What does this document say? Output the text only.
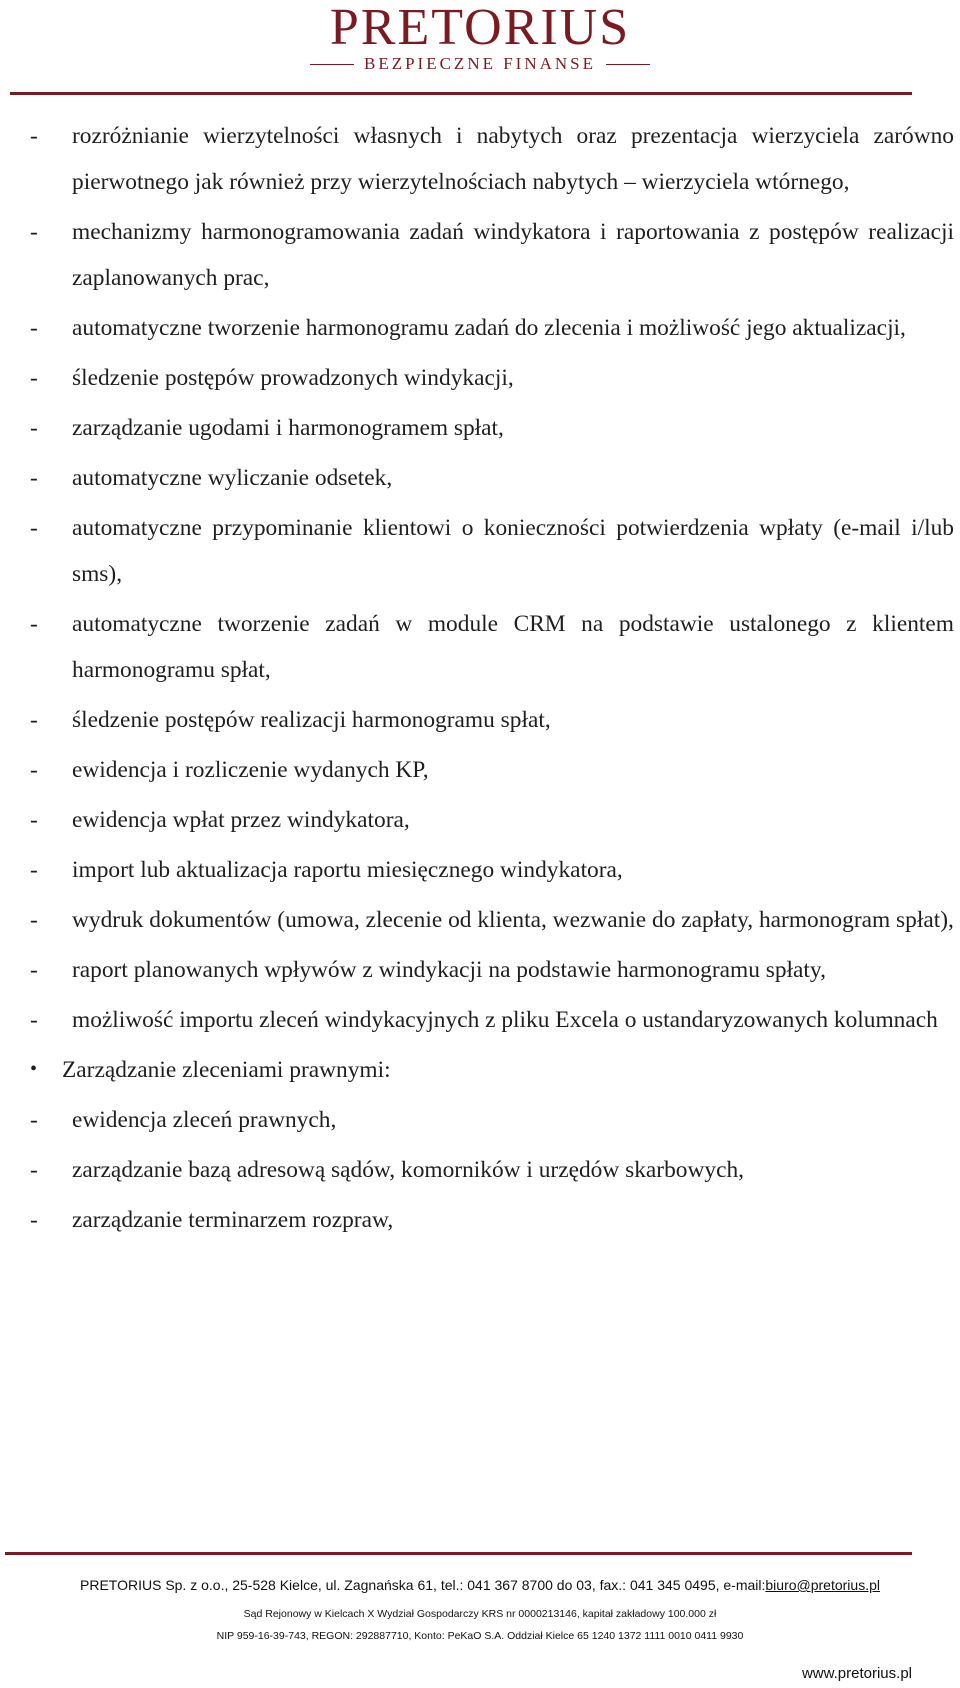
PRETORIUS
BEZPIECZNE FINANSE
-	rozróżnianie wierzytelności własnych i nabytych oraz prezentacja wierzyciela zarówno pierwotnego jak również przy wierzytelnościach nabytych – wierzyciela wtórnego,
-	mechanizmy harmonogramowania zadań windykatora i raportowania z postępów realizacji zaplanowanych prac,
-	automatyczne tworzenie harmonogramu zadań do zlecenia i możliwość jego aktualizacji,
-	śledzenie postępów prowadzonych windykacji,
-	zarządzanie ugodami i harmonogramem spłat,
-	automatyczne wyliczanie odsetek,
-	automatyczne przypominanie klientowi o konieczności potwierdzenia wpłaty (e-mail i/lub sms),
-	automatyczne tworzenie zadań w module CRM na podstawie ustalonego z klientem harmonogramu spłat,
-	śledzenie postępów realizacji harmonogramu spłat,
-	ewidencja i rozliczenie wydanych KP,
-	ewidencja wpłat przez windykatora,
-	import lub aktualizacja raportu miesięcznego windykatora,
-	wydruk dokumentów (umowa, zlecenie od klienta, wezwanie do zapłaty, harmonogram spłat),
-	raport planowanych wpływów z windykacji na podstawie harmonogramu spłaty,
-	możliwość importu zleceń windykacyjnych z pliku Excela o ustandaryzowanych kolumnach
•	Zarządzanie zleceniami prawnymi:
-	ewidencja zleceń prawnych,
-	zarządzanie bazą adresową sądów, komorników i urzędów skarbowych,
-	zarządzanie terminarzem rozpraw,
PRETORIUS Sp. z o.o., 25-528 Kielce, ul. Zagnańska 61, tel.: 041 367 8700 do 03, fax.: 041 345 0495, e-mail:biuro@pretorius.pl
Sąd Rejonowy w Kielcach X Wydział Gospodarczy KRS nr 0000213146, kapitał zakładowy 100.000 zł
NIP 959-16-39-743, REGON: 292887710, Konto: PeKaO S.A. Oddział Kielce 65 1240 1372 1111 0010 0411 9930
www.pretorius.pl
